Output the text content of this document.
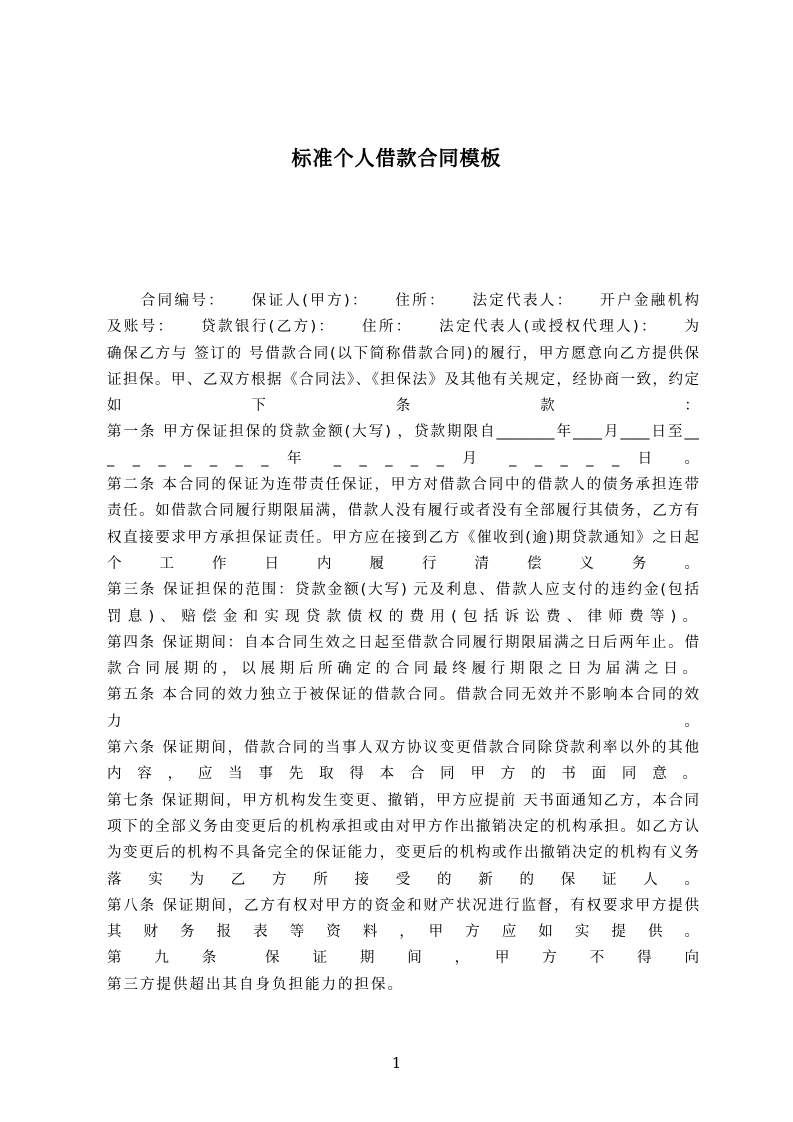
标准个人借款合同模板
　　合同编号：　　保证人(甲方)：　　住所：　　法定代表人：　　开户金融机构
及账号：　　贷款银行(乙方)：　　住所：　　法定代表人(或授权代理人)：　　为
确保乙方与 签订的 号借款合同(以下简称借款合同)的履行，甲方愿意向乙方提供保
证担保。甲、乙双方根据《合同法》、《担保法》及其他有关规定，经协商一致，约定
如　　　　　下　　　　　条　　　　　款　　　　　：
第一条 甲方保证担保的贷款金额(大写) ，贷款期限自________年____月____日至__
_ _ _ _ _ _ _ 年 _ _ _ _ _ 月 _ _ _ _ _ 日 。
第二条 本合同的保证为连带责任保证，甲方对借款合同中的借款人的债务承担连带
责任。如借款合同履行期限届满，借款人没有履行或者没有全部履行其债务，乙方有
权直接要求甲方承担保证责任。甲方应在接到乙方《催收到(逾)期贷款通知》之日起
个　工　作　日　内　履　行　清　偿　义　务　。
第三条 保证担保的范围：贷款金额(大写) 元及利息、借款人应支付的违约金(包括
罚息)、赔偿金和实现贷款债权的费用(包括诉讼费、律师费等)。
第四条 保证期间：自本合同生效之日起至借款合同履行期限届满之日后两年止。借
款合同展期的，以展期后所确定的合同最终履行期限之日为届满之日。
第五条 本合同的效力独立于被保证的借款合同。借款合同无效并不影响本合同的效
力　　　　　　　　　　　　　　　　　　　　　　　　。
第六条 保证期间，借款合同的当事人双方协议变更借款合同除贷款利率以外的其他
内容，应当事先取得本合同甲方的书面同意。
第七条 保证期间，甲方机构发生变更、撤销，甲方应提前 天书面通知乙方，本合同
项下的全部义务由变更后的机构承担或由对甲方作出撤销决定的机构承担。如乙方认
为变更后的机构不具备完全的保证能力，变更后的机构或作出撤销决定的机构有义务
落　实　为　乙　方　所　接　受　的　新　的　保　证　人　。
第八条 保证期间，乙方有权对甲方的资金和财产状况进行监督，有权要求甲方提供
其　财　务　报　表　等　资　料　，　甲　方　应　如　实　提　供　。
第　　九　　条　　　保　　证　　期　　间　　，　　甲　　方　　不　　得　　向
第三方提供超出其自身负担能力的担保。
1
